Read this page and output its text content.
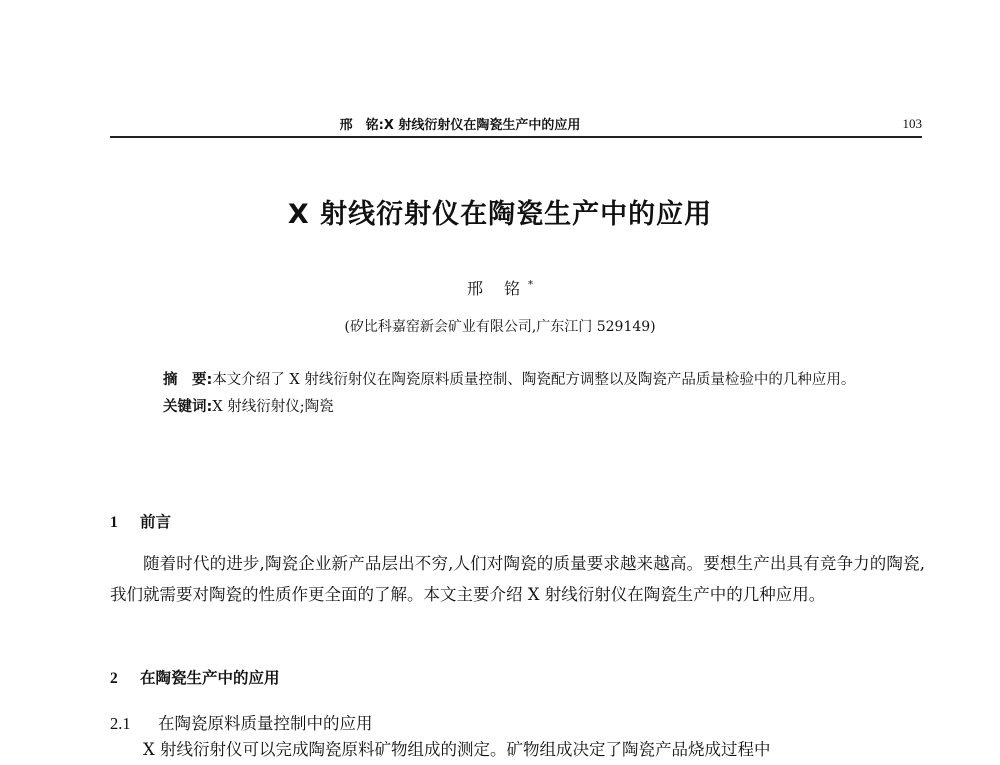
邢　铭:X 射线衍射仪在陶瓷生产中的应用	103
X 射线衍射仪在陶瓷生产中的应用
邢 铭*
(矽比科嘉窑新会矿业有限公司,广东江门 529149)
摘　要:本文介绍了 X 射线衍射仪在陶瓷原料质量控制、陶瓷配方调整以及陶瓷产品质量检验中的几种应用。
关键词:X 射线衍射仪;陶瓷
1 前言
随着时代的进步,陶瓷企业新产品层出不穷,人们对陶瓷的质量要求越来越高。要想生产出具有竞争力的陶瓷,我们就需要对陶瓷的性质作更全面的了解。本文主要介绍 X 射线衍射仪在陶瓷生产中的几种应用。
2 在陶瓷生产中的应用
2.1 在陶瓷原料质量控制中的应用
X 射线衍射仪可以完成陶瓷原料矿物组成的测定。矿物组成决定了陶瓷产品烧成过程中
